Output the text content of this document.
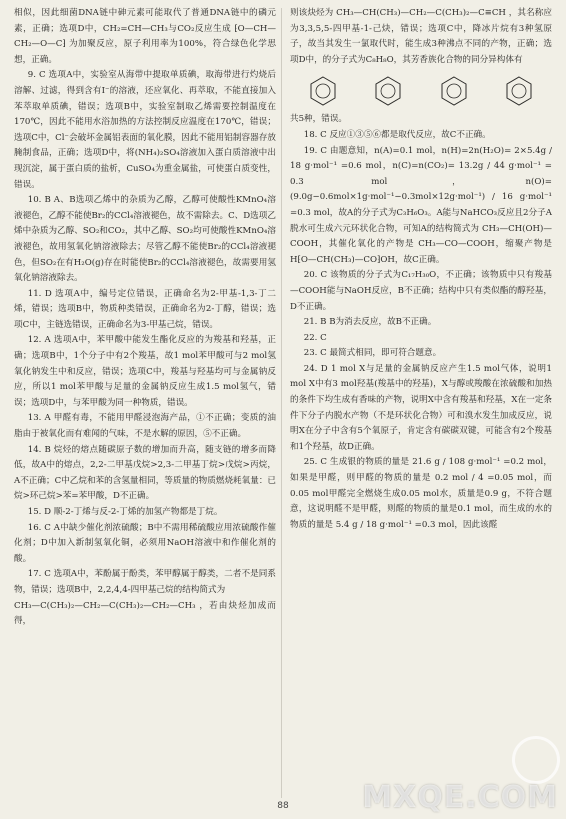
相似，因此细菌DNA链中砷元素可能取代了普通DNA链中的磷元素，正确；选项D中，CH₂=CH—CH₃与CO₂反应生成 ⁅O—CH—CH₂—O—C⁆ 为加聚反应，原子利用率为100%，符合绿色化学思想，正确。

9. C 选项A中，实验室从海带中提取单质碘，取海带进行灼烧后溶解、过滤，得到含有I⁻的溶液，还应氧化、再萃取，不能直接加入苯萃取单质碘，错误；选项B中，实验室制取乙烯需要控制温度在170℃，因此不能用水浴加热的方法控制反应温度在170℃，错误；选项C中，Cl⁻会破坏金属铝表面的氧化膜，因此不能用铝制容器存放腌制食品，正确；选项D中，将(NH₄)₂SO₄溶液加入蛋白质溶液中出现沉淀，属于蛋白质的盐析，CuSO₄为重金属盐，可使蛋白质变性，错误。

10. B A、B选项乙烯中的杂质为乙醇，乙醇可使酸性KMnO₄溶液褪色，乙醇不能使Br₂的CCl₄溶液褪色，故不需除去。C、D选项乙烯中杂质为乙醇、SO₂和CO₂，其中乙醇、SO₂均可使酸性KMnO₄溶液褪色，故用氢氧化钠溶液除去；尽管乙醇不能使Br₂的CCl₄溶液褪色，但SO₂在有H₂O(g)存在时能使Br₂的CCl₄溶液褪色，故需要用氢氧化钠溶液除去。

11. D 选项A中，编号定位错误，正确命名为2-甲基-1,3-丁二烯，错误；选项B中，物质种类错误，正确命名为2-丁醇，错误；选项C中，主链选错误，正确命名为3-甲基己烷，错误。

12. A 选项A中，苯甲酸中能发生酯化反应的为羧基和羟基，正确；选项B中，1个分子中有2个羧基，故1 mol苯甲酸可与2 mol氢氧化钠发生中和反应，错误；选项C中，羧基与羟基均可与金属钠反应，所以1 mol苯甲酸与足量的金属钠反应生成1.5 mol氢气，错误；选项D中，与苯甲酸为同一种物质，错误。

13. A 甲醛有毒，不能用甲醛浸泡海产品，①不正确；变质的油脂由于被氧化而有难闻的气味，不是水解的原因，⑤不正确。

14. B 烷烃的熔点随碳原子数的增加而升高，随支链的增多而降低，故A中的熔点，2,2-二甲基戊烷>2,3-二甲基丁烷>戊烷>丙烷，A不正确；C中乙烷和苯的含氢量相同，等质量的物质燃烧耗氧量：已烷>环己烷>苯=苯甲酸，D不正确。

15. D 顺-2-丁烯与反-2-丁烯的加氢产物都是丁烷。

16. C A中缺少催化剂浓硫酸；B中不需用稀硫酸应用浓硫酸作催化剂；D中加入新制氢氧化铜，必须用NaOH溶液中和作催化剂的酸。

17. C 选项A中，苯酚属于酚类，苯甲醇属于醇类，二者不是同系物，错误；选项B中，2,2,4,4-四甲基己烷的结构简式为

CH₃—C(CH₃)₂—CH₂—C(CH₃)₂—CH₂—CH₃ ，若由炔烃加成而得，

则该炔烃为 CH₃—CH(CH₃)—CH₂—C(CH₃)₂—C≡CH ，其名称应为3,3,5,5-四甲基-1-己炔，错误；选项C中，降冰片烷有3种氢原子，故当其发生一氯取代时，能生成3种沸点不同的产物，正确；选项D中，的分子式为C₈H₈O，其芳香族化合物的同分异构体有

共5种，错误。

18. C 反应①③⑤⑥都是取代反应，故C不正确。

19. C 由题意知，n(A)=0.1 mol，n(H)=2n(H₂O)= 2×5.4g / 18 g·mol⁻¹ =0.6 mol，n(C)=n(CO₂)= 13.2g / 44 g·mol⁻¹ = 0.3 mol，n(O)= (9.0g−0.6mol×1g·mol⁻¹−0.3mol×12g·mol⁻¹) / 16 g·mol⁻¹ =0.3 mol，故A的分子式为C₃H₆O₃。A能与NaHCO₃反应且2分子A脱水可生成六元环状化合物，可知A的结构简式为 CH₃—CH(OH)—COOH，其催化氧化的产物是 CH₃—CO—COOH，缩聚产物是 H⁅O—CH(CH₃)—CO⁆OH，故C正确。

20. C 该物质的分子式为C₁₇H₃₀O，不正确；该物质中只有羧基—COOH能与NaOH反应，B不正确；结构中只有类似酯的醇羟基，D不正确。

21. B B为消去反应，故B不正确。

22. C

23. C 最简式相同，即可符合题意。

24. D 1 mol X与足量的金属钠反应产生1.5 mol气体，说明1 mol X中有3 mol羟基(羧基中的羟基)，X与醇或羧酸在浓硫酸和加热的条件下均生成有香味的产物，说明X中含有羧基和羟基，X在一定条件下分子内脱水产物（不是环状化合物）可和溴水发生加成反应，说明X在分子中含有5个氧原子，肯定含有碳碳双键，可能含有2个羧基和1个羟基，故D正确。

25. C 生成银的物质的量是 21.6 g / 108 g·mol⁻¹ =0.2 mol，如果是甲醛，则甲醛的物质的量是 0.2 mol / 4 =0.05 mol，而0.05 mol甲醛完全燃烧生成0.05 mol水，质量是0.9 g，不符合题意，这说明醛不是甲醛，则醛的物质的量是0.1 mol，而生成的水的物质的量是 5.4 g / 18 g·mol⁻¹ =0.3 mol，因此该醛

88	MXQE.COM
